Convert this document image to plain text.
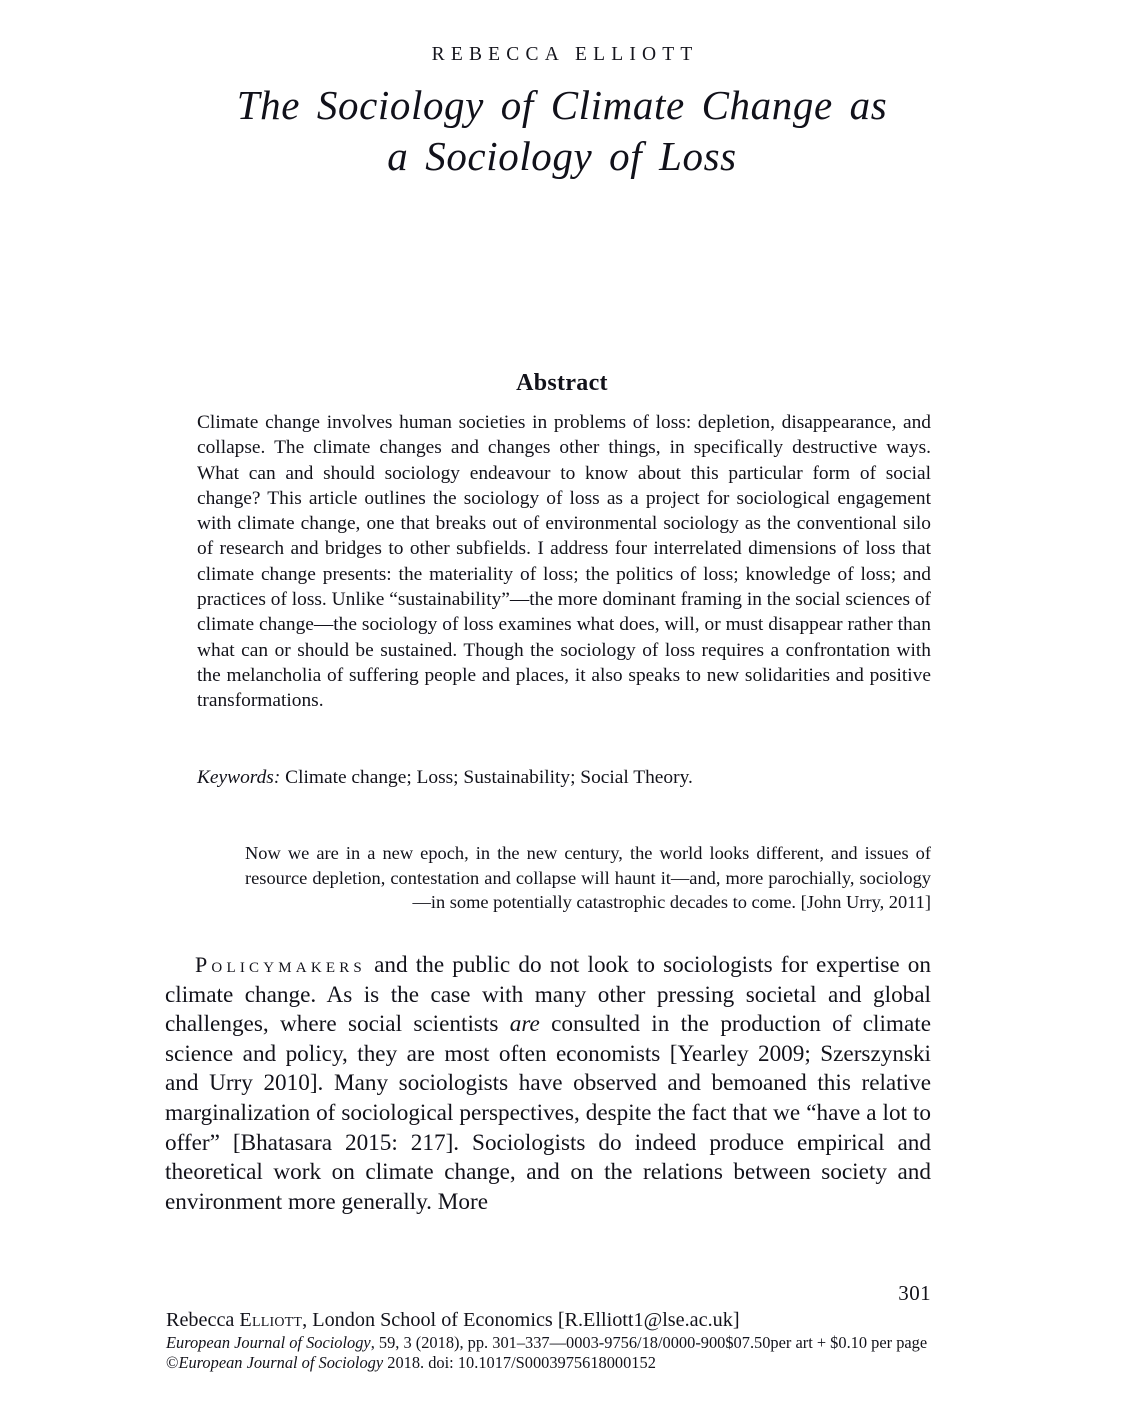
REBECCA ELLIOTT
The Sociology of Climate Change as
a Sociology of Loss
Abstract

Climate change involves human societies in problems of loss: depletion, disappearance, and collapse. The climate changes and changes other things, in specifically destructive ways. What can and should sociology endeavour to know about this particular form of social change? This article outlines the sociology of loss as a project for sociological engagement with climate change, one that breaks out of environmental sociology as the conventional silo of research and bridges to other subfields. I address four interrelated dimensions of loss that climate change presents: the materiality of loss; the politics of loss; knowledge of loss; and practices of loss. Unlike “sustainability”—the more dominant framing in the social sciences of climate change—the sociology of loss examines what does, will, or must disappear rather than what can or should be sustained. Though the sociology of loss requires a confrontation with the melancholia of suffering people and places, it also speaks to new solidarities and positive transformations.

Keywords: Climate change; Loss; Sustainability; Social Theory.

Now we are in a new epoch, in the new century, the world looks different, and issues of resource depletion, contestation and collapse will haunt it—and, more parochially, sociology—in some potentially catastrophic decades to come. [John Urry, 2011]

Policymakers and the public do not look to sociologists for expertise on climate change. As is the case with many other pressing societal and global challenges, where social scientists are consulted in the production of climate science and policy, they are most often economists [Yearley 2009; Szerszynski and Urry 2010]. Many sociologists have observed and bemoaned this relative marginalization of sociological perspectives, despite the fact that we “have a lot to offer” [Bhatasara 2015: 217]. Sociologists do indeed produce empirical and theoretical work on climate change, and on the relations between society and environment more generally. More

301
Rebecca Elliott, London School of Economics [R.Elliott1@lse.ac.uk]
European Journal of Sociology, 59, 3 (2018), pp. 301–337—0003-9756/18/0000-900$07.50per art + $0.10 per page
©European Journal of Sociology 2018. doi: 10.1017/S0003975618000152
